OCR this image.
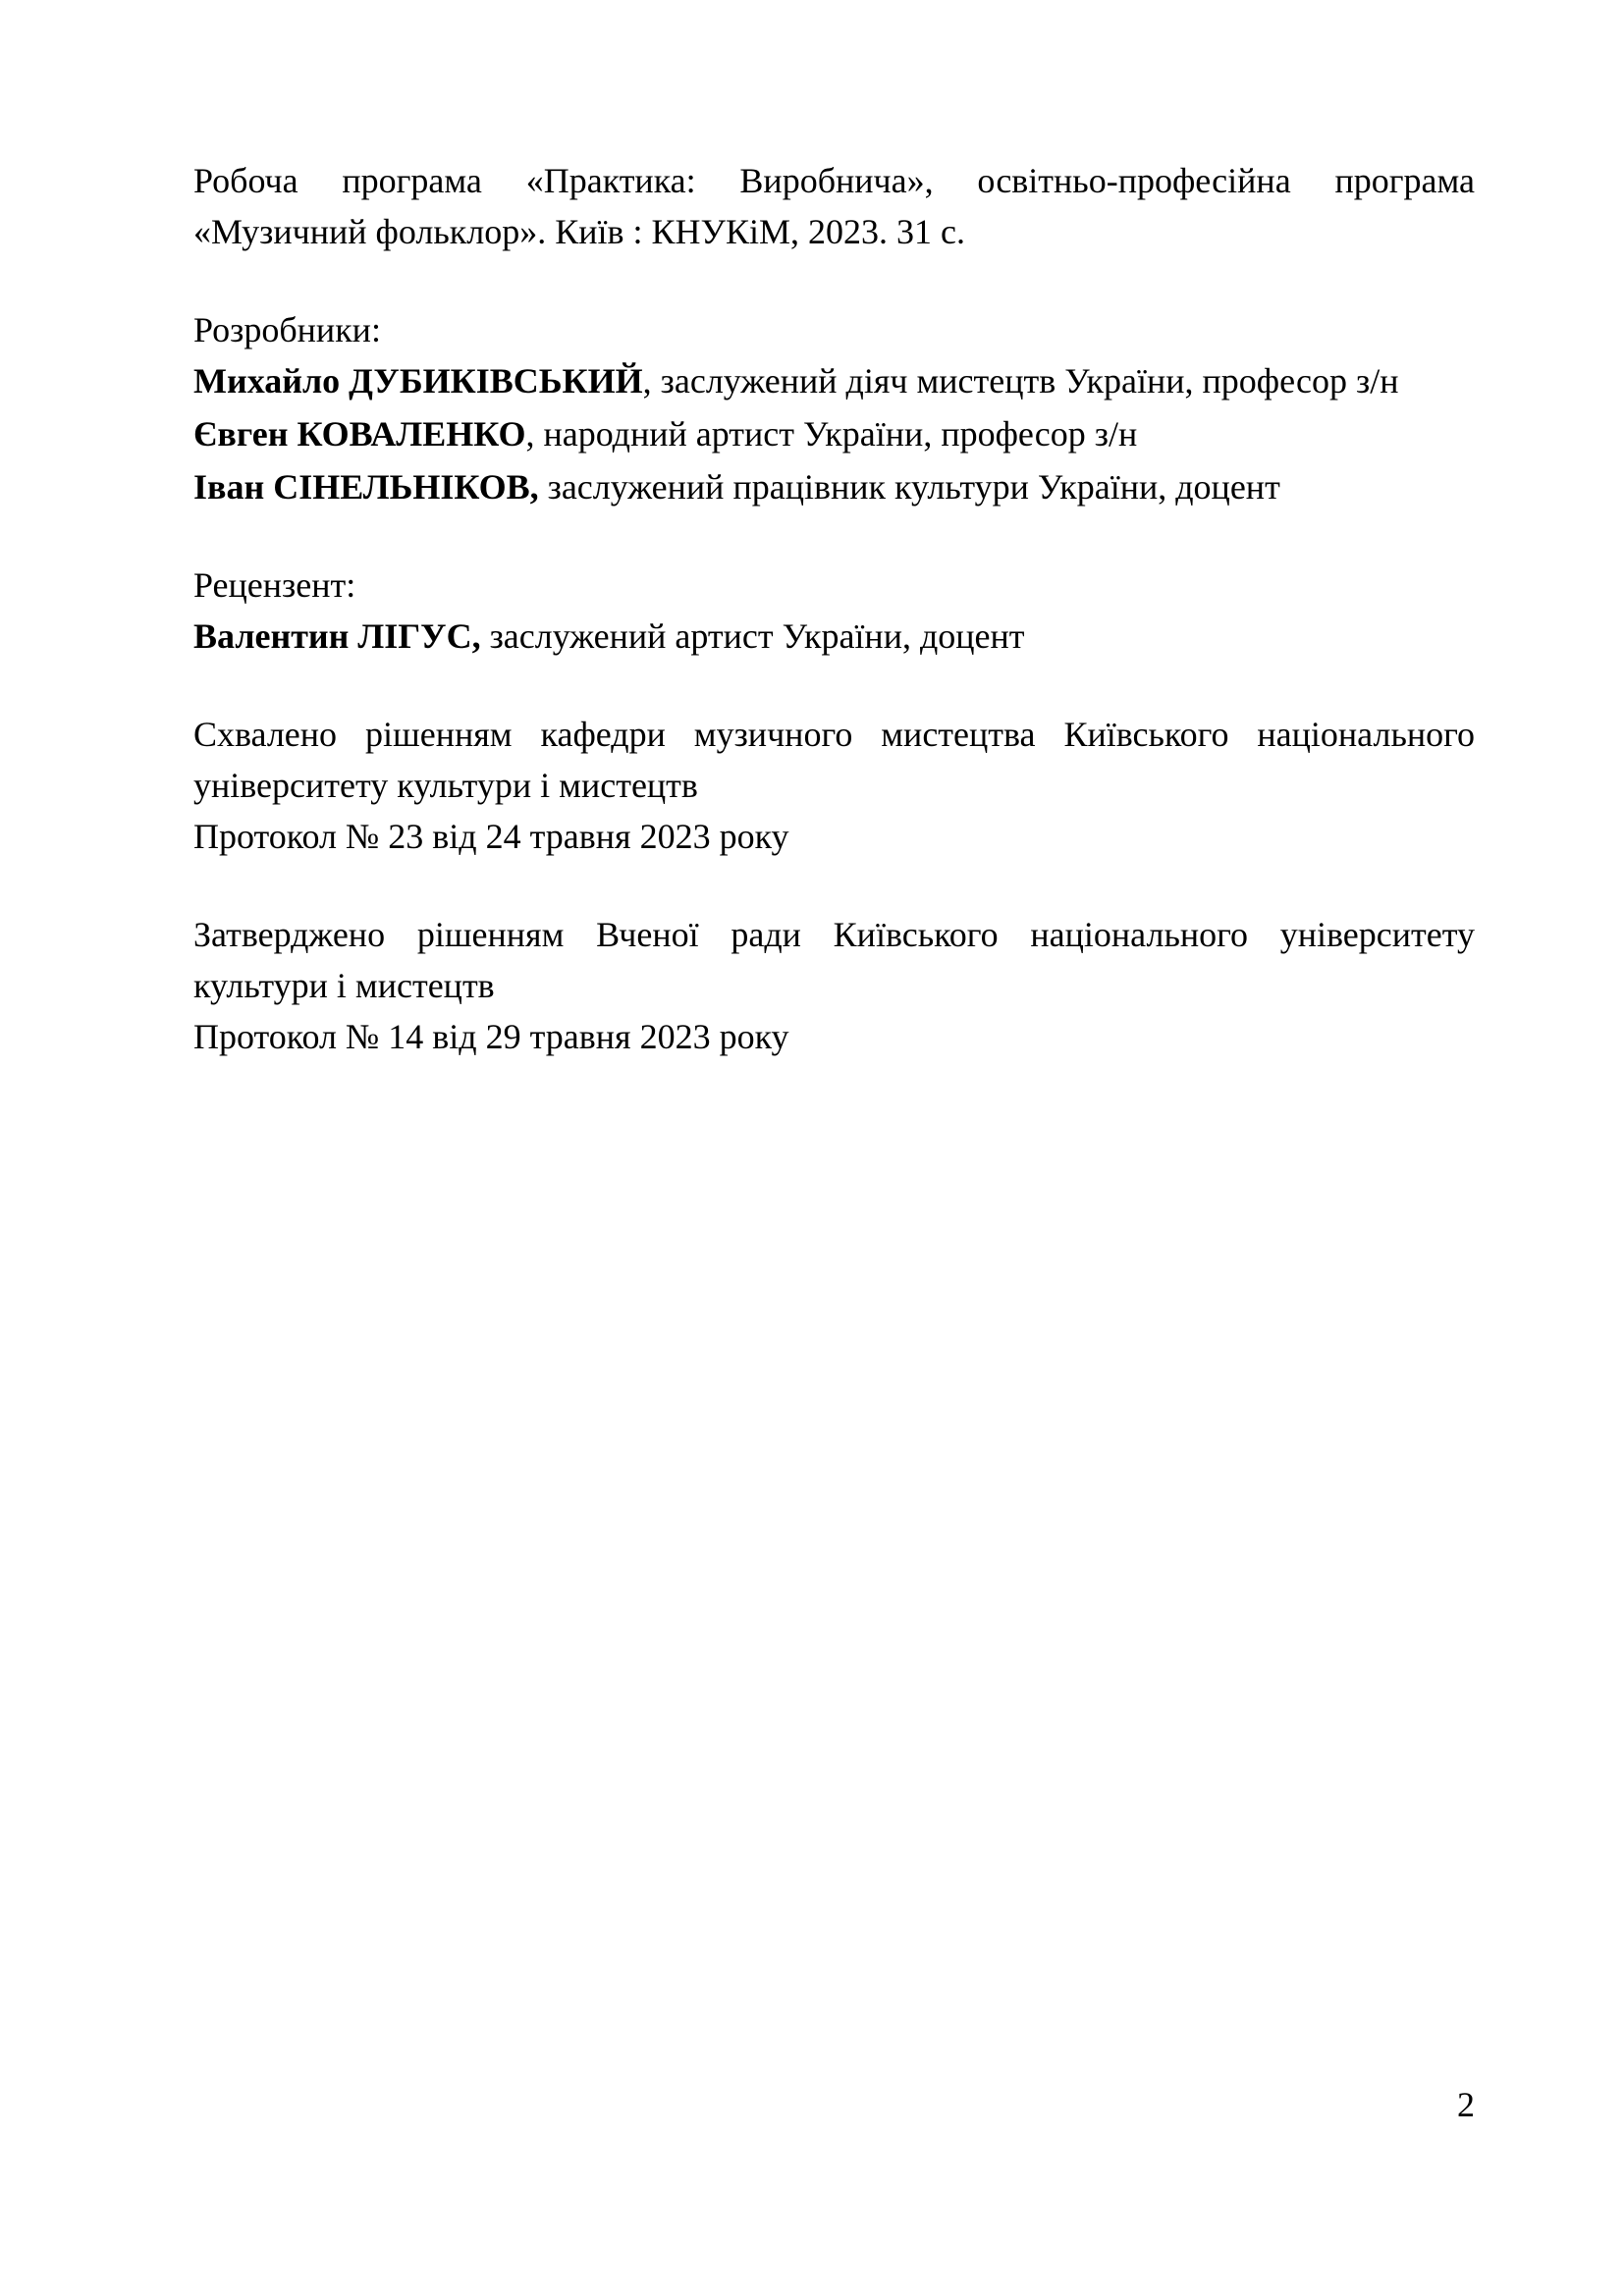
Робоча програма «Практика: Виробнича», освітньо-професійна програма «Музичний фольклор». Київ : КНУКіМ, 2023. 31 с.

Розробники:
Михайло ДУБИКІВСЬКИЙ, заслужений діяч мистецтв України, професор з/н
Євген КОВАЛЕНКО, народний артист України, професор з/н
Іван СІНЕЛЬНІКОВ, заслужений працівник культури України, доцент
Рецензент:
Валентин ЛІГУС, заслужений артист України, доцент
Схвалено рішенням кафедри музичного мистецтва Київського національного університету культури і мистецтв
Протокол № 23 від 24 травня 2023 року
Затверджено рішенням Вченої ради Київського національного університету культури і мистецтв
Протокол № 14 від 29 травня 2023 року
2
